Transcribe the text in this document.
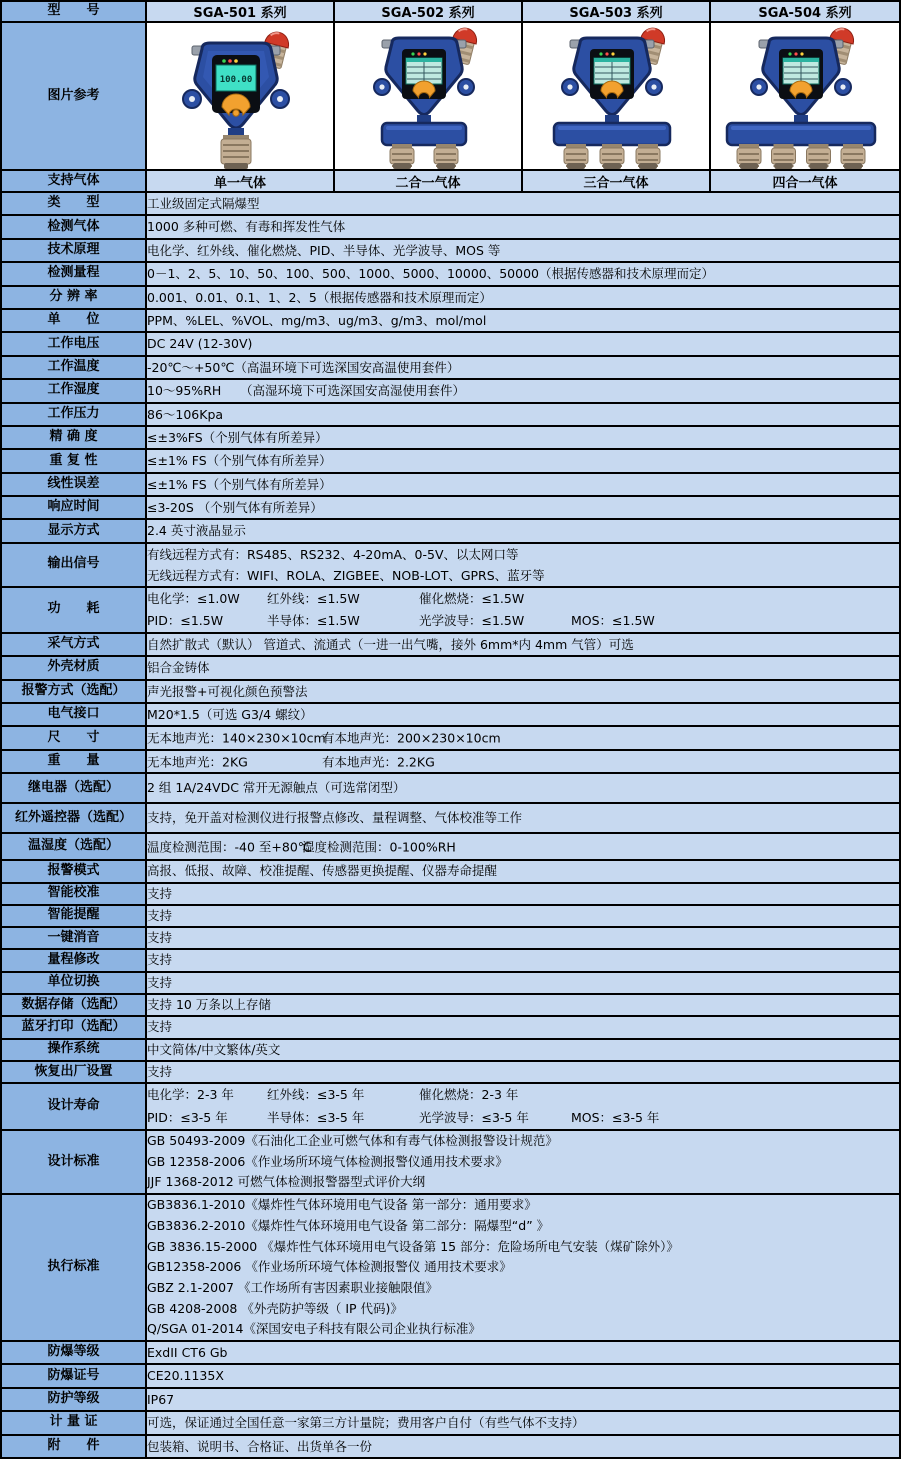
型　　号	SGA-501 系列	SGA-502 系列	SGA-503 系列	SGA-504 系列
图片参考	100.00

支持气体	单一气体	二合一气体	三合一气体	四合一气体
类　　型	工业级固定式隔爆型			

检测气体	1000 多种可燃、有毒和挥发性气体			

技术原理	电化学、红外线、催化燃烧、PID、半导体、光学波导、MOS 等			

检测量程	0－1、2、5、10、50、100、500、1000、5000、10000、50000（根据传感器和技术原理而定）			

分 辨 率	0.001、0.01、0.1、1、2、5（根据传感器和技术原理而定）			

单　　位	PPM、%LEL、%VOL、mg/m3、ug/m3、g/m3、mol/mol			

工作电压	DC 24V (12-30V)			

工作温度	-20℃～+50℃（高温环境下可选深国安高温使用套件）			

工作湿度	10～95%RH　　（高湿环境下可选深国安高湿使用套件）			

工作压力	86～106Kpa			

精 确 度	≤±3%FS（个别气体有所差异）			

重 复 性	≤±1% FS（个别气体有所差异）			

线性误差	≤±1% FS（个别气体有所差异）			

响应时间	≤3-20S （个别气体有所差异）			

显示方式	2.4 英寸液晶显示			

输出信号	有线远程方式有：RS485、RS232、4-20mA、0-5V、以太网口等
无线远程方式有：WIFI、ROLA、ZIGBEE、NOB-LOT、GPRS、蓝牙等			

功　　耗	
电化学：≤1.0W 红外线：≤1.5W	催化燃烧：≤1.5W
PID：≤1.5W	半导体：≤1.5W	光学波导：≤1.5W	MOS：≤1.5W

采气方式	自然扩散式（默认） 管道式、流通式（一进一出气嘴，接外 6mm*内 4mm 气管）可选			

外壳材质	铝合金铸体			

报警方式（选配）	声光报警+可视化颜色预警法			

电气接口	M20*1.5（可选 G3/4 螺纹）			

尺　　寸	无本地声光：140×230×10cm
有本地声光：200×230×10cm			

重　　量	无本地声光：2KG 有本地声光：2.2KG			

继电器（选配）	2 组 1A/24VDC 常开无源触点（可选常闭型）			

红外遥控器（选配）	支持，免开盖对检测仪进行报警点修改、量程调整、气体校准等工作			

温湿度（选配）	温度检测范围：-40 至+80℃
湿度检测范围：0-100%RH			

报警模式	高报、低报、故障、校准提醒、传感器更换提醒、仪器寿命提醒			

智能校准	支持			

智能提醒	支持			

一键消音	支持			

量程修改	支持			

单位切换	支持			

数据存储（选配）	支持 10 万条以上存储			

蓝牙打印（选配）	支持			

操作系统	中文简体/中文繁体/英文			

恢复出厂设置	支持			

设计寿命	
电化学：2-3 年	红外线：≤3-5 年	催化燃烧：2-3 年
PID：≤3-5 年	半导体：≤3-5 年	光学波导：≤3-5 年	MOS：≤3-5 年

设计标准	GB 50493-2009《石油化工企业可燃气体和有毒气体检测报警设计规范》
GB 12358-2006《作业场所环境气体检测报警仪通用技术要求》
JJF 1368-2012 可燃气体检测报警器型式评价大纲			

执行标准	
GB3836.1-2010《爆炸性气体环境用电气设备 第一部分：通用要求》
GB3836.2-2010《爆炸性气体环境用电气设备 第二部分：隔爆型“d” 》
GB 3836.15-2000 《爆炸性气体环境用电气设备第 15 部分：危险场所电气安装（煤矿除外）》
GB12358-2006 《作业场所环境气体检测报警仪 通用技术要求》
GBZ 2.1-2007 《工作场所有害因素职业接触限值》
GB 4208-2008 《外壳防护等级（ IP 代码)》
Q/SGA 01-2014《深国安电子科技有限公司企业执行标准》

防爆等级	ExdII CT6 Gb			

防爆证号	CE20.1135X			

防护等级	IP67			

计 量 证	可选，保证通过全国任意一家第三方计量院；费用客户自付（有些气体不支持）			

附　　件	包装箱、说明书、合格证、出货单各一份			
